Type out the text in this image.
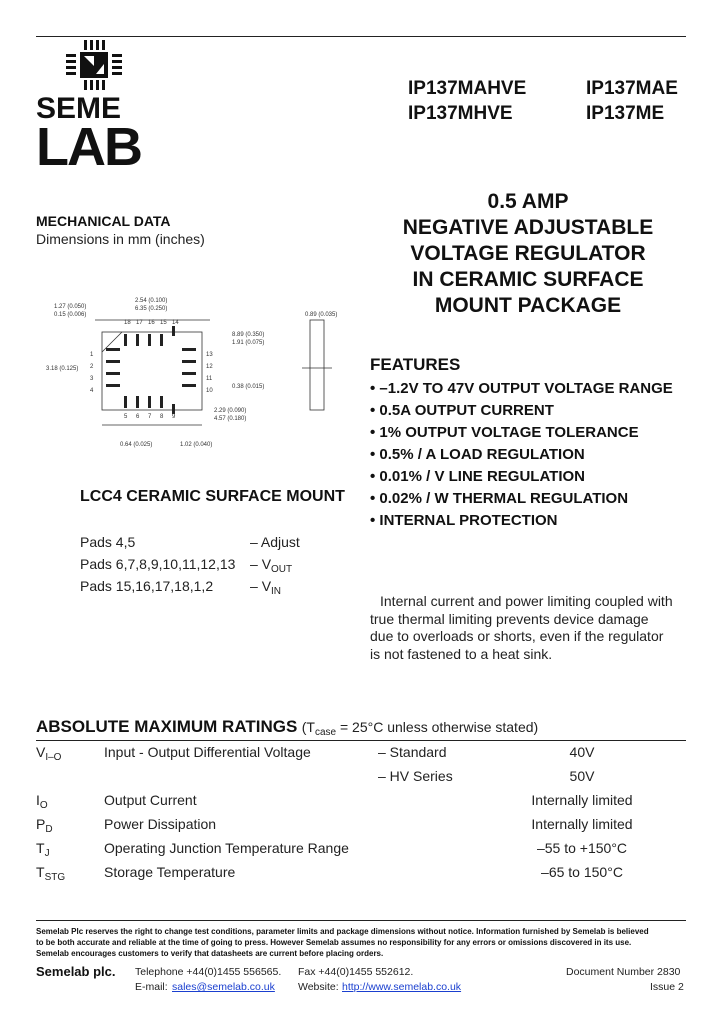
SEME
LAB
IP137MAHVE	IP137MAE
IP137MHVE	IP137ME
0.5 AMP
NEGATIVE ADJUSTABLE
VOLTAGE REGULATOR
IN CERAMIC SURFACE
MOUNT PACKAGE
MECHANICAL DATA
Dimensions in mm (inches)
1.27 (0.050)
0.15 (0.006)
2.54 (0.100)
6.35 (0.250)
0.89 (0.035)
8.89 (0.350)
1.91 (0.075)
3.18 (0.125)
0.38 (0.015)
2.29 (0.090)
4.57 (0.180)
0.64 (0.025)	1.02 (0.040)
1
2
3
4
5 6 7 8 9
10
11
12
13
14
15
16
17
18
LCC4 CERAMIC SURFACE MOUNT
Pads 4,5	– Adjust
Pads $6,7,8,9,10,11,12,13 - V_{OUT}$
Pads 15,16,17,18,1,2	– $V_{IN}$
FEATURES
• –1.2V TO 47V OUTPUT VOLTAGE RANGE
• 0.5A OUTPUT CURRENT
• 1% OUTPUT VOLTAGE TOLERANCE
• 0.5% / A LOAD REGULATION
• 0.01% / V LINE REGULATION
• 0.02% / W THERMAL REGULATION
• INTERNAL PROTECTION
Internal current and power limiting coupled with
true thermal limiting prevents device damage
due to overloads or shorts, even if the regulator
is not fastened to a heat sink.
ABSOLUTE MAXIMUM RATINGS ($T_{case} = 25^\circ C$ unless otherwise stated)
$V_{I-O}$	Input - Output Differential Voltage	– Standard	40V
– HV Series	50V
$I_O$	Output Current	Internally limited
$P_D$	Power Dissipation	Internally limited
$T_J$	Operating Junction Temperature Range	–55 to +150°C
$T_{STG}$	Storage Temperature	–65 to 150°C
Semelab Plc reserves the right to change test conditions, parameter limits and package dimensions without notice. Information furnished by Semelab is believed
to be both accurate and reliable at the time of going to press. However Semelab assumes no responsibility for any errors or omissions discovered in its use.
Semelab encourages customers to verify that datasheets are current before placing orders.
Semelab plc. Telephone +44(0)1455 556565. Fax +44(0)1455 552612.
E-mail: sales@semelab.co.uk Website: http://www.semelab.co.uk
Document Number 2830
Issue 2
